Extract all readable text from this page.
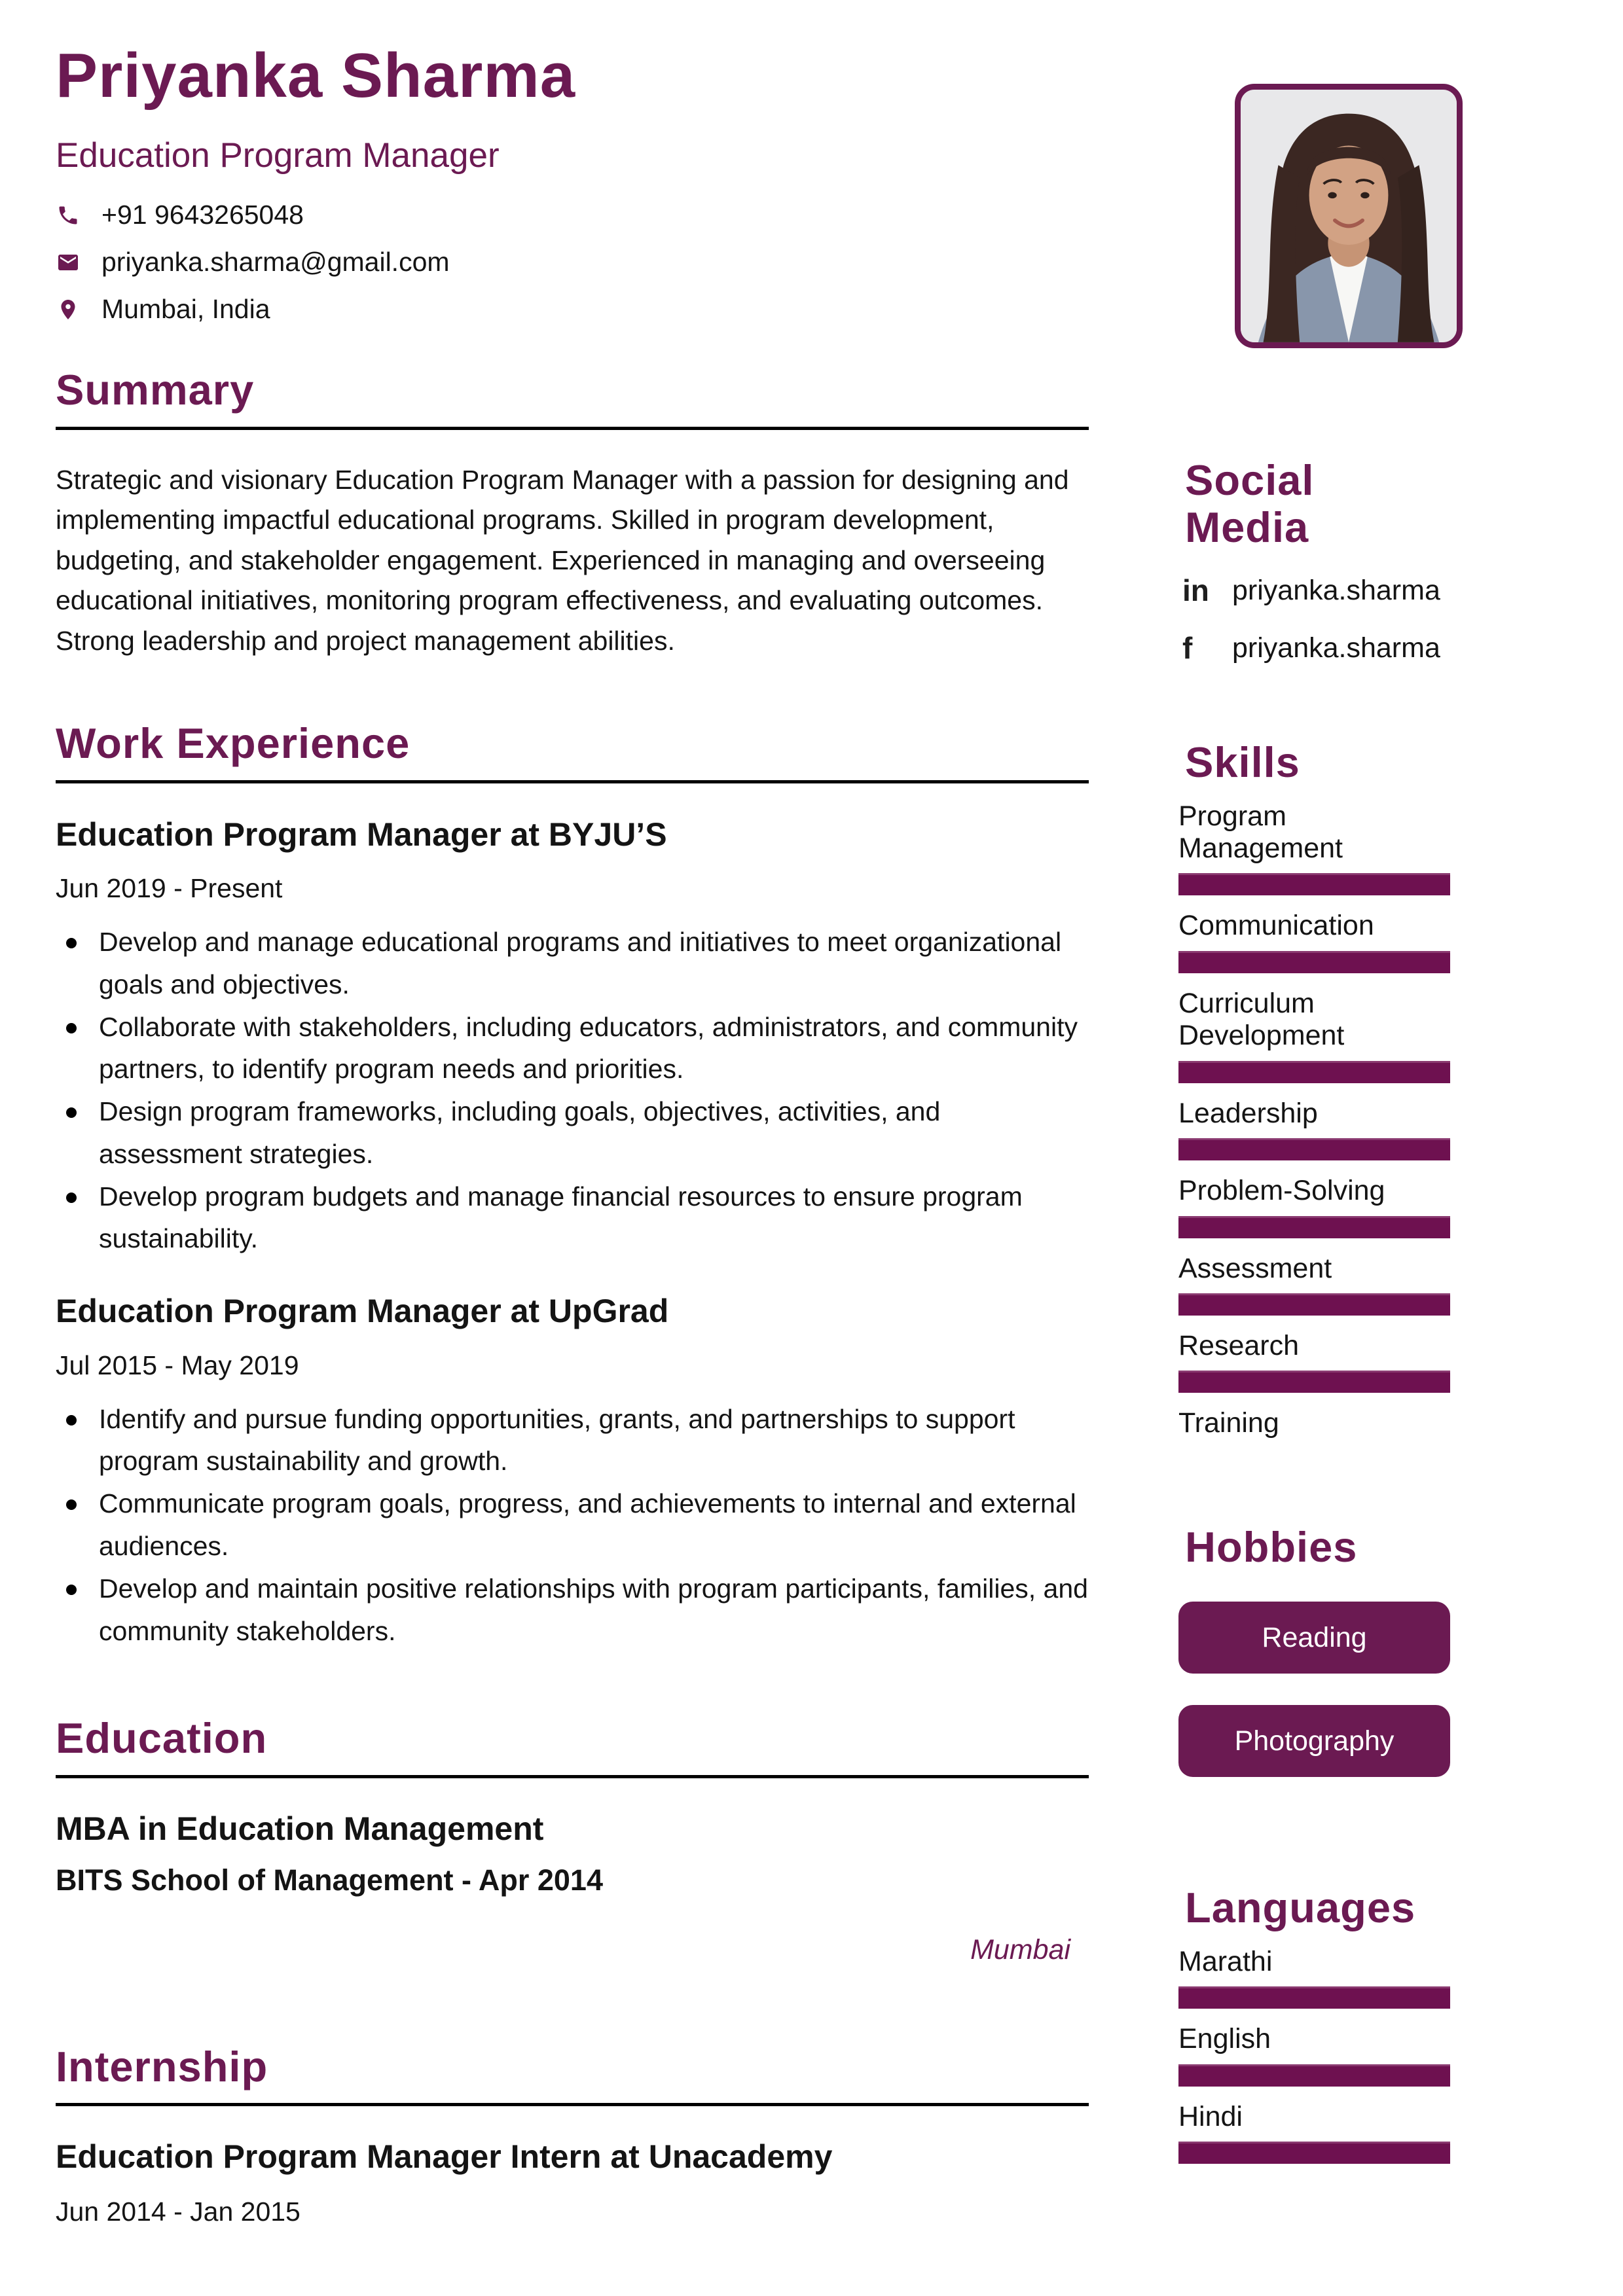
Priyanka Sharma
Education Program Manager
+91 9643265048
priyanka.sharma@gmail.com
Mumbai, India
Summary

Strategic and visionary Education Program Manager with a passion for designing and implementing impactful educational programs. Skilled in program development, budgeting, and stakeholder engagement. Experienced in managing and overseeing educational initiatives, monitoring program effectiveness, and evaluating outcomes. Strong leadership and project management abilities.

Work Experience
Education Program Manager at BYJU’S
Jun 2019 - Present
Develop and manage educational programs and initiatives to meet organizational goals and objectives.
Collaborate with stakeholders, including educators, administrators, and community partners, to identify program needs and priorities.
Design program frameworks, including goals, objectives, activities, and assessment strategies.
Develop program budgets and manage financial resources to ensure program sustainability.
Education Program Manager at UpGrad
Jul 2015 - May 2019
Identify and pursue funding opportunities, grants, and partnerships to support program sustainability and growth.
Communicate program goals, progress, and achievements to internal and external audiences.
Develop and maintain positive relationships with program participants, families, and community stakeholders.
Education
MBA in Education Management
BITS School of Management - Apr 2014
Mumbai
Internship
Education Program Manager Intern at Unacademy
Jun 2014 - Jan 2015
Social Media
in priyanka.sharma
f	priyanka.sharma
Skills
Program Management
Communication
Curriculum Development
Leadership
Problem-Solving
Assessment
Research
Training
Hobbies
Reading
Photography
Languages
Marathi
English
Hindi
